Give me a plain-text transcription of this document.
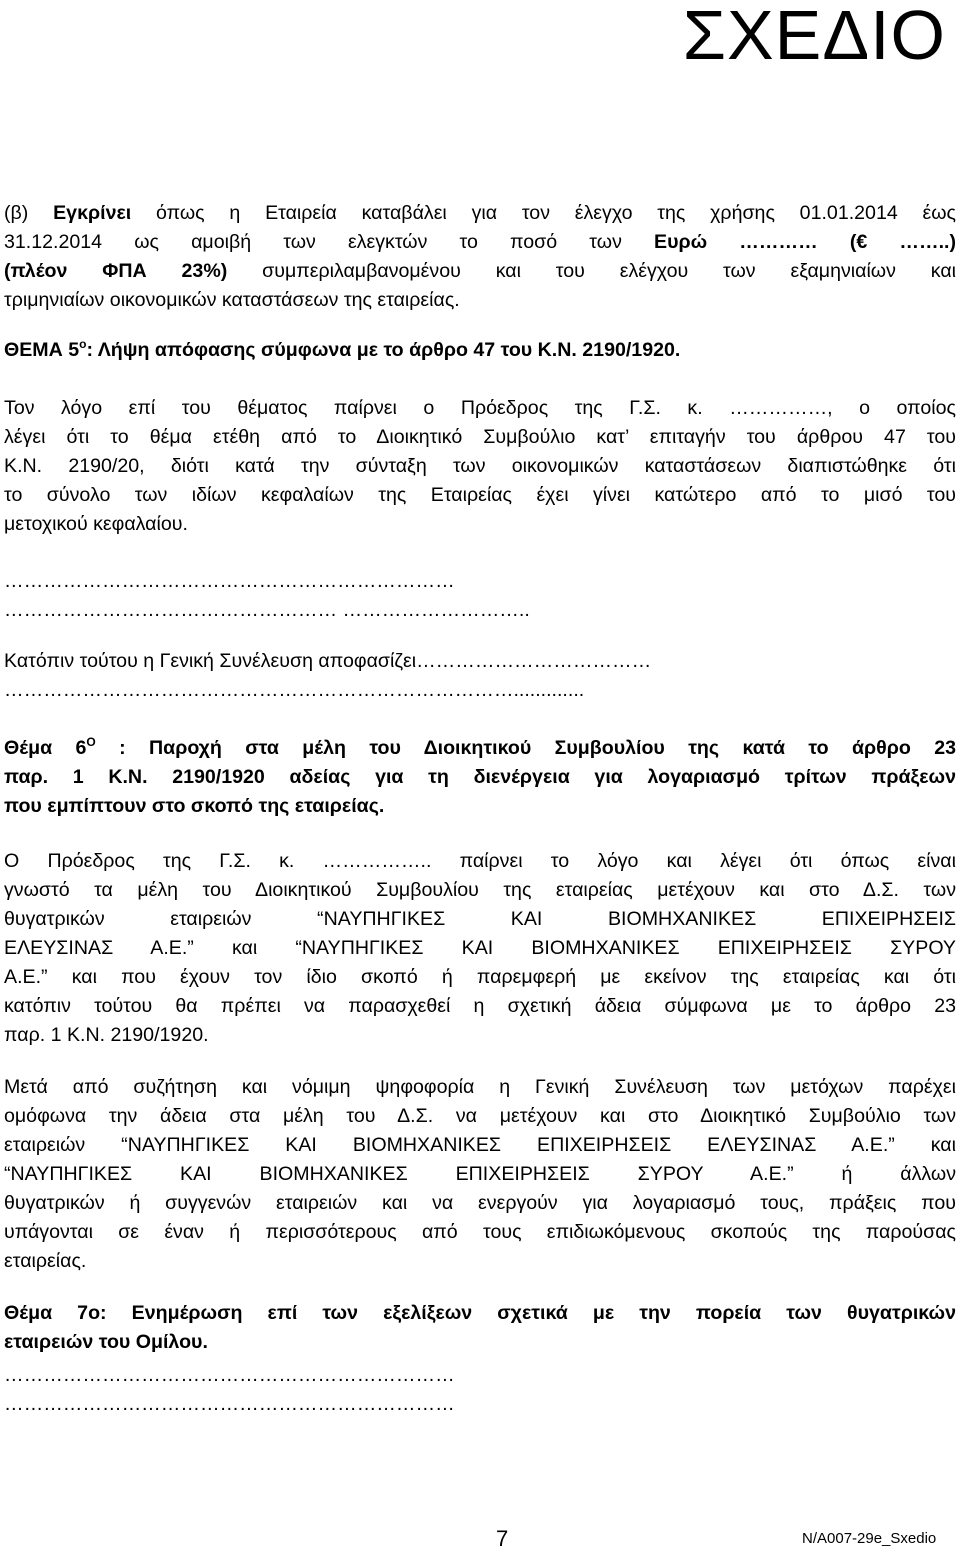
ΣΧΕΔΙΟ
(β) Εγκρίνει όπως η Εταιρεία καταβάλει για τον έλεγχο της χρήσης 01.01.2014 έως
31.12.2014 ως αμοιβή των ελεγκτών το ποσό των Ευρώ ………… (€ ……..)
(πλέον ΦΠΑ 23%) συμπεριλαμβανομένου και του ελέγχου των εξαμηνιαίων και
τριμηνιαίων οικονομικών καταστάσεων της εταιρείας.
ΘΕΜΑ $5^o$: Λήψη απόφασης σύμφωνα με το άρθρο 47 του Κ.Ν. 2190/1920.
Τον λόγο επί του θέματος παίρνει ο Πρόεδρος της Γ.Σ. κ. ……………, ο οποίος
λέγει ότι το θέμα ετέθη από το Διοικητικό Συμβούλιο κατ’ επιταγήν του άρθρου 47 του
Κ.Ν. 2190/20, διότι κατά την σύνταξη των οικονομικών καταστάσεων διαπιστώθηκε ότι
το σύνολο των ιδίων κεφαλαίων της Εταιρείας έχει γίνει κατώτερο από το μισό του
μετοχικού κεφαλαίου.
……………………………………………………………
…………………………………………… ………………………..
Κατόπιν τούτου η Γενική Συνέλευση αποφασίζει………………………………
…………………………………………………………………….............
Θέμα $6^O$ : Παροχή στα μέλη του Διοικητικού Συμβουλίου της κατά το άρθρο 23
παρ. 1 Κ.Ν. 2190/1920 αδείας για τη διενέργεια για λογαριασμό τρίτων πράξεων
που εμπίπτουν στο σκοπό της εταιρείας.
Ο Πρόεδρος της Γ.Σ. κ. …………….. παίρνει το λόγο και λέγει ότι όπως είναι
γνωστό τα μέλη του Διοικητικού Συμβουλίου της εταιρείας μετέχουν και στο Δ.Σ. των
θυγατρικών εταιρειών “ΝΑΥΠΗΓΙΚΕΣ ΚΑΙ ΒΙΟΜΗΧΑΝΙΚΕΣ ΕΠΙΧΕΙΡΗΣΕΙΣ
ΕΛΕΥΣΙΝΑΣ Α.Ε.” και “ΝΑΥΠΗΓΙΚΕΣ ΚΑΙ ΒΙΟΜΗΧΑΝΙΚΕΣ ΕΠΙΧΕΙΡΗΣΕΙΣ ΣΥΡΟΥ
Α.Ε.” και που έχουν τον ίδιο σκοπό ή παρεμφερή με εκείνον της εταιρείας και ότι
κατόπιν τούτου θα πρέπει να παρασχεθεί η σχετική άδεια σύμφωνα με το άρθρο 23
παρ. 1 Κ.Ν. 2190/1920.
Μετά από συζήτηση και νόμιμη ψηφοφορία η Γενική Συνέλευση των μετόχων παρέχει
ομόφωνα την άδεια στα μέλη του Δ.Σ. να μετέχουν και στο Διοικητικό Συμβούλιο των
εταιρειών “ΝΑΥΠΗΓΙΚΕΣ ΚΑΙ ΒΙΟΜΗΧΑΝΙΚΕΣ ΕΠΙΧΕΙΡΗΣΕΙΣ ΕΛΕΥΣΙΝΑΣ Α.Ε.” και
“ΝΑΥΠΗΓΙΚΕΣ ΚΑΙ ΒΙΟΜΗΧΑΝΙΚΕΣ ΕΠΙΧΕΙΡΗΣΕΙΣ ΣΥΡΟΥ Α.Ε.” ή άλλων
θυγατρικών ή συγγενών εταιρειών και να ενεργούν για λογαριασμό τους, πράξεις που
υπάγονται σε έναν ή περισσότερους από τους επιδιωκόμενους σκοπούς της παρούσας
εταιρείας.
Θέμα 7ο: Ενημέρωση επί των εξελίξεων σχετικά με την πορεία των θυγατρικών
εταιρειών του Ομίλου.
……………………………………………………………
……………………………………………………………
7	N/A007-29e_Sxedio
